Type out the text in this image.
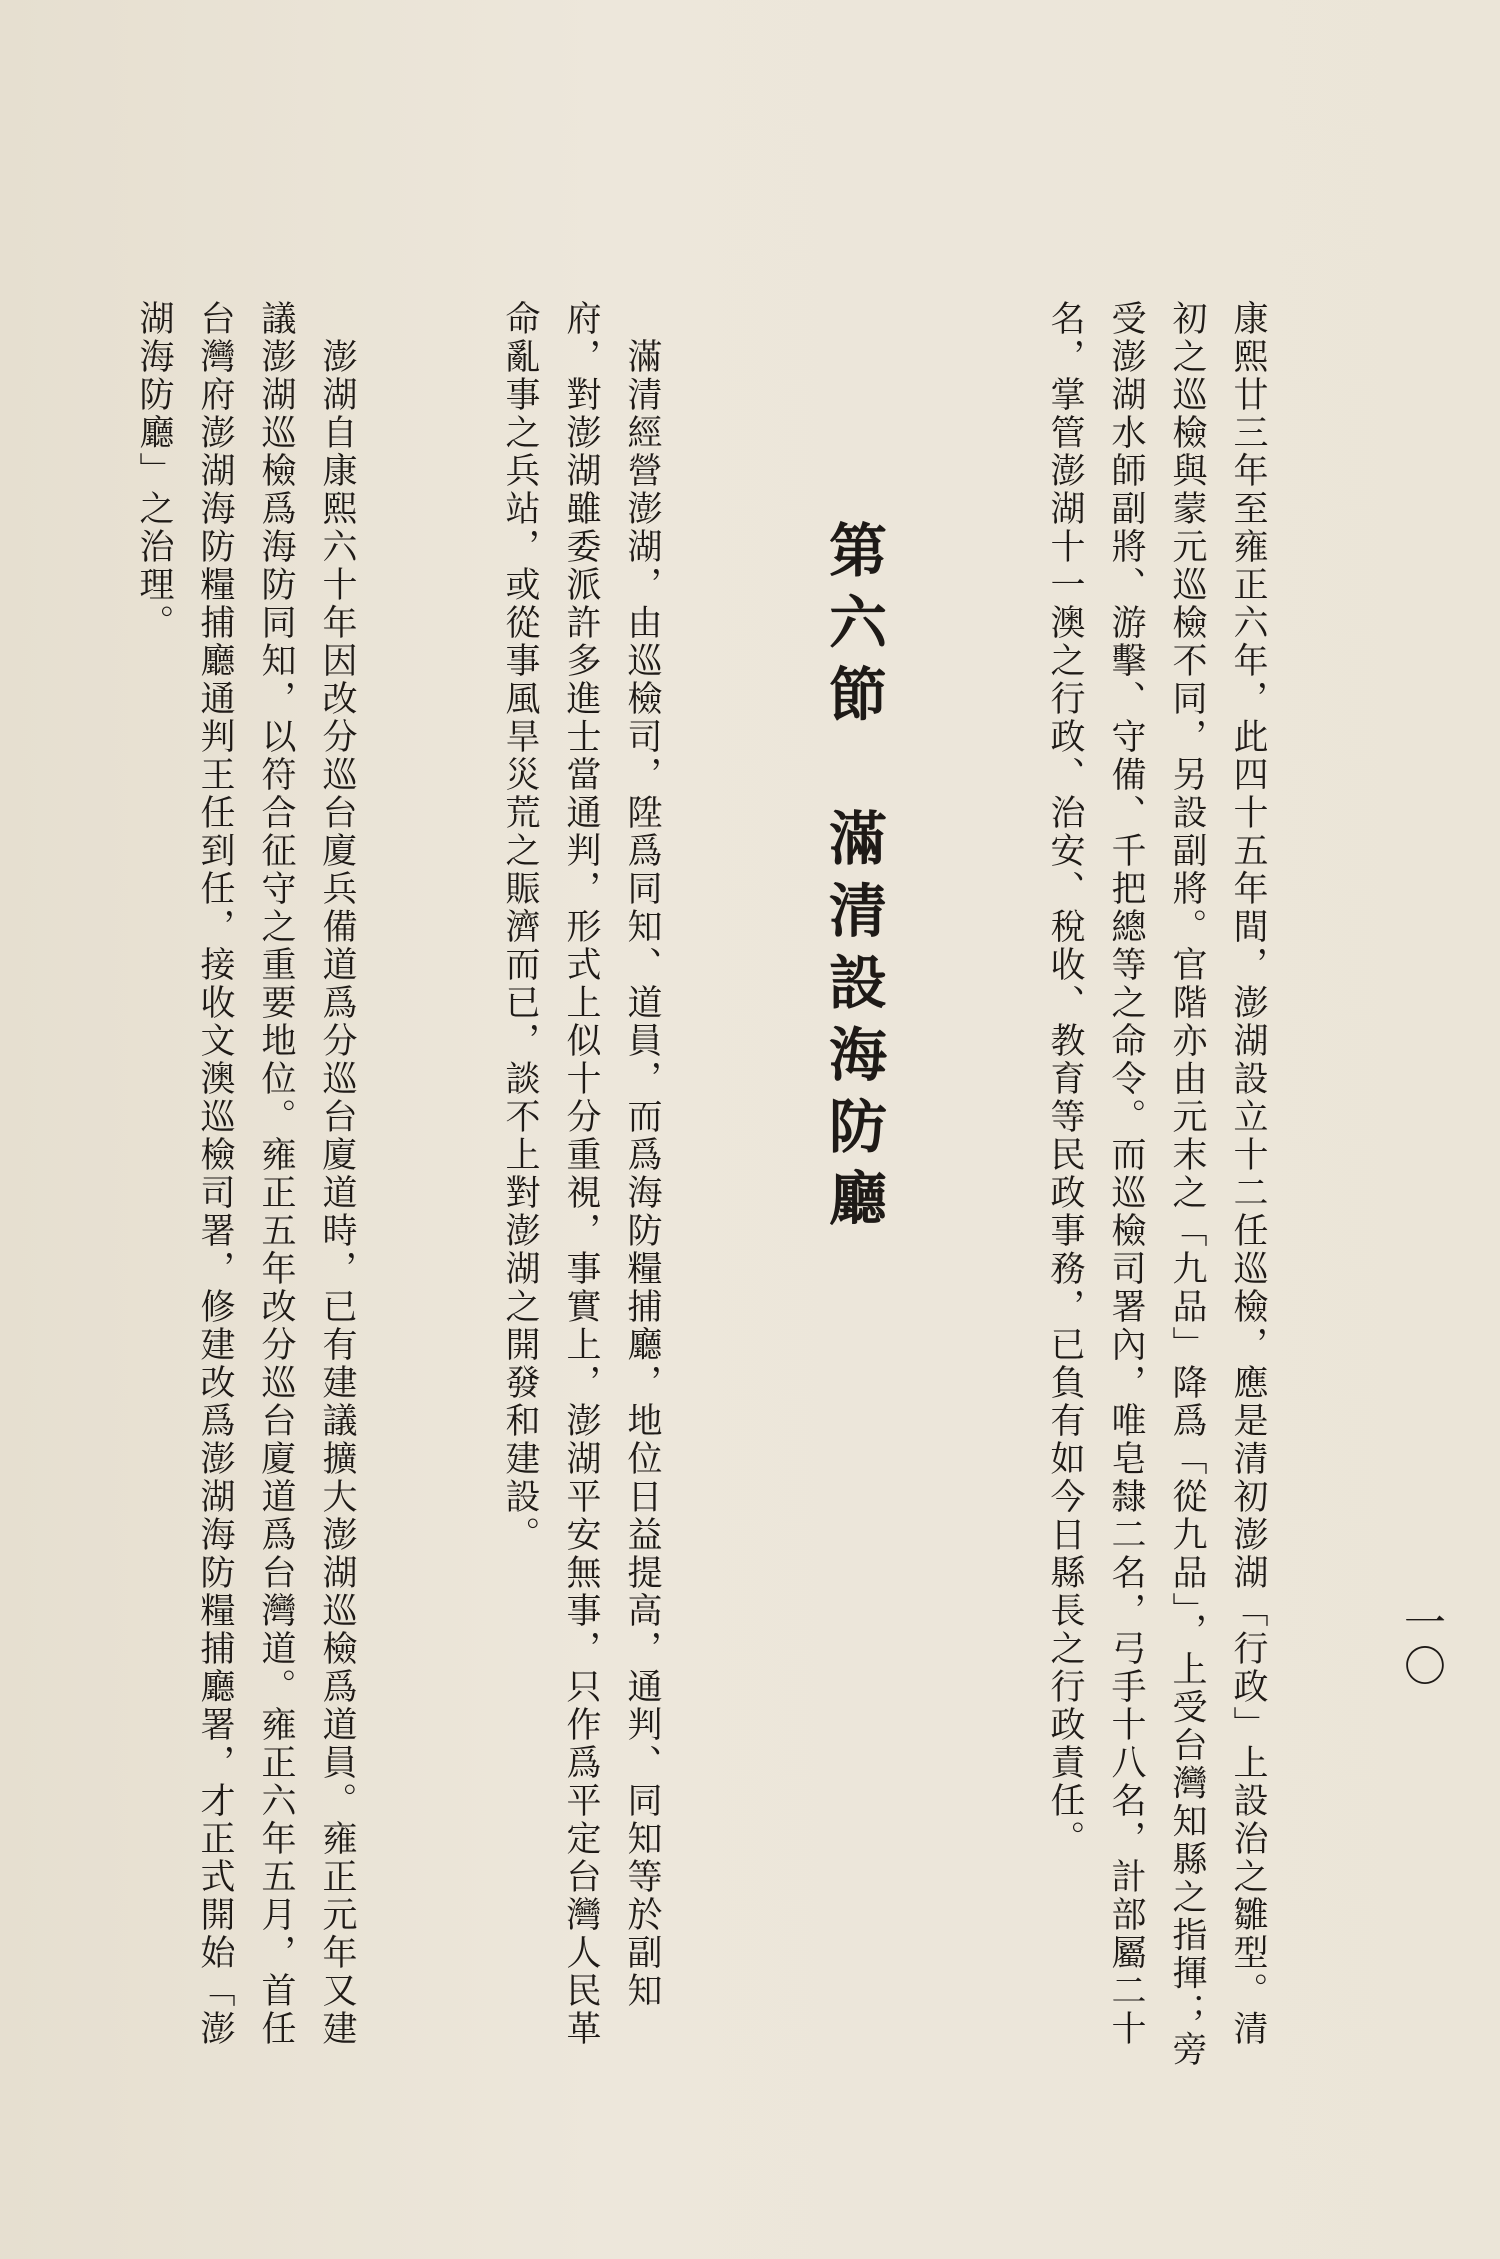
康熙廿三年至雍正六年，此四十五年間，澎湖設立十二任巡檢，應是清初澎湖「行政」上設治之雛型。清初之巡檢與蒙元巡檢不同，另設副將。官階亦由元末之「九品」降爲「從九品」，上受台灣知縣之指揮；旁受澎湖水師副將、游擊、守備、千把總等之命令。而巡檢司署內，唯皂隸二名，弓手十八名，計部屬二十名，掌管澎湖十一澳之行政、治安、稅收、教育等民政事務，已負有如今日縣長之行政責任。

第六節　滿清設海防廳

　滿清經營澎湖，由巡檢司，陞爲同知、道員，而爲海防糧捕廳，地位日益提高，通判、同知等於副知府，對澎湖雖委派許多進士當通判，形式上似十分重視，事實上，澎湖平安無事，只作爲平定台灣人民革命亂事之兵站，或從事風旱災荒之賑濟而已，談不上對澎湖之開發和建設。

　澎湖自康熙六十年因改分巡台廈兵備道爲分巡台廈道時，已有建議擴大澎湖巡檢爲道員。雍正元年又建議澎湖巡檢爲海防同知，以符合征守之重要地位。雍正五年改分巡台廈道爲台灣道。雍正六年五月，首任台灣府澎湖海防糧捕廳通判王任到任，接收文澳巡檢司署，修建改爲澎湖海防糧捕廳署，才正式開始「澎湖海防廳」之治理。

一〇
